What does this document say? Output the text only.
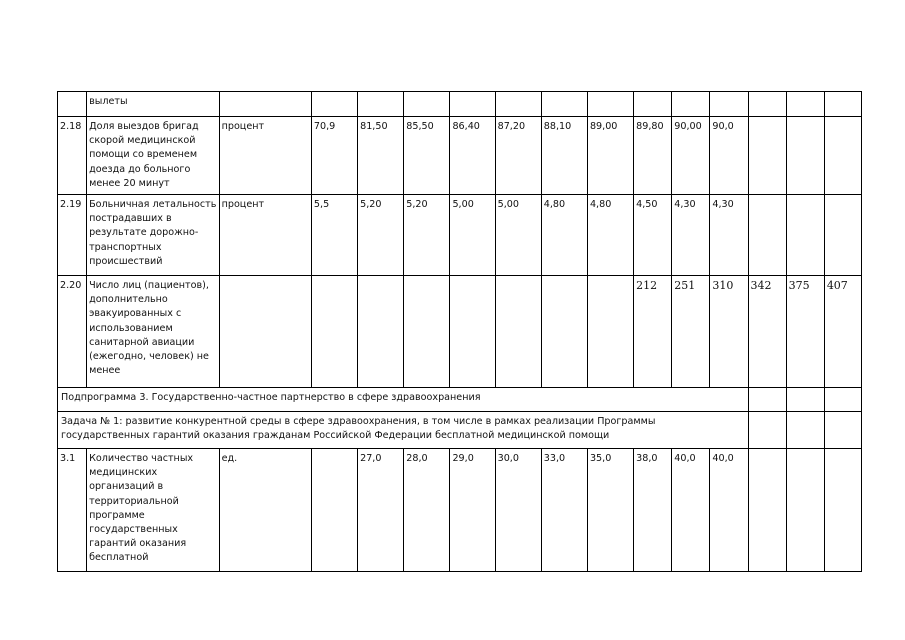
	вылеты														
2.18	Доля выездов бригад скорой медицинской помощи со временем доезда до больного менее 20 минут	процент	70,9	81,50	85,50	86,40	87,20	88,10	89,00	89,80	90,00	90,0			
2.19	Больничная летальность пострадавших в результате дорожно-транспортных происшествий	процент	5,5	5,20	5,20	5,00	5,00	4,80	4,80	4,50	4,30	4,30			
2.20	Число лиц (пациентов), дополнительно эвакуированных с использованием санитарной авиации (ежегодно, человек) не менее									212	251	310	342	375	407
Подпрограмма 3. Государственно-частное партнерство в сфере здравоохранения															
Задача № 1: развитие конкурентной среды в сфере здравоохранения, в том числе в рамках реализации Программы государственных гарантий оказания гражданам Российской Федерации бесплатной медицинской помощи															
3.1	Количество частных медицинских организаций в территориальной программе государственных гарантий оказания бесплатной	ед.		27,0	28,0	29,0	30,0	33,0	35,0	38,0	40,0	40,0			
